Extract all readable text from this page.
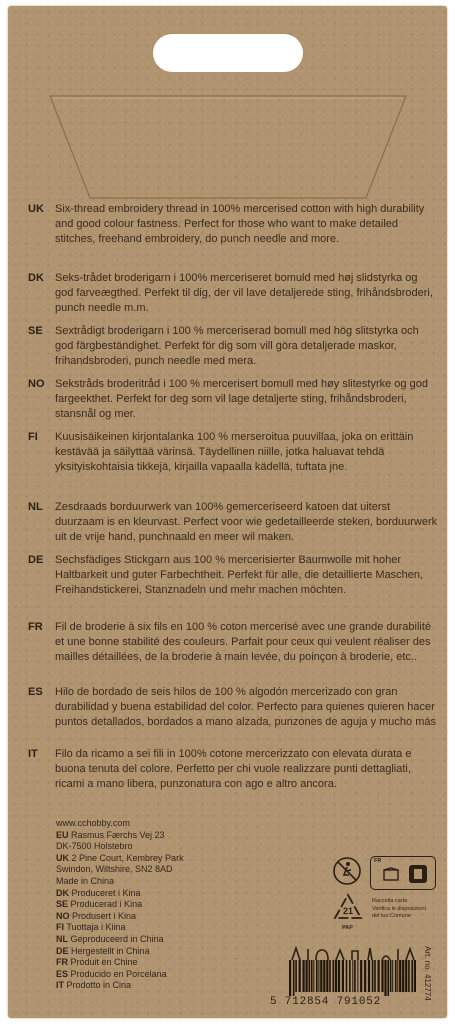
UK	Six-thread embroidery thread in 100% mercerised cotton with high durability and good colour fastness. Perfect for those who want to make detailed stitches, freehand embroidery, do punch needle and more.
DK	Seks-trådet broderigarn i 100% merceriseret bomuld med høj slidstyrka og god farveægthed. Perfekt til dig, der vil lave detaljerede sting, frihåndsbroderi, punch needle m.m.
SE	Sextrådigt broderigarn i 100 % merceriserad bomull med hög slitstyrka och god färgbeständighet. Perfekt för dig som vill göra detaljerade maskor, frihandsbroderi, punch needle med mera.
NO Sekstråds broderitråd i 100 % mercerisert bomull med høy slitestyrke og god fargeekthet. Perfekt for deg som vil lage detaljerte sting, frihåndsbroderi, stansnål og mer.
FI	Kuusisäikeinen kirjontalanka 100 % merseroitua puuvillaa, joka on erittäin kestävää ja säilyttää värinsä. Täydellinen niille, jotka haluavat tehdä yksityiskohtaisia tikkejä, kirjailla vapaalla kädellä, tuftata jne.
NL	Zesdraads borduurwerk van 100% gemerceriseerd katoen dat uiterst duurzaam is en kleurvast. Perfect voor wie gedetailleerde steken, borduurwerk uit de vrije hand, punchnaald en meer wil maken.
DE	Sechsfädiges Stickgarn aus 100 % mercerisierter Baumwolle mit hoher Haltbarkeit und guter Farbechtheit. Perfekt für alle, die detaillierte Maschen, Freihandstickerei, Stanznadeln und mehr machen möchten.
FR	Fil de broderie à six fils en 100 % coton mercerisé avec une grande durabilité et une bonne stabilité des couleurs. Parfait pour ceux qui veulent réaliser des mailles détaillées, de la broderie à main levée, du poinçon à broderie, etc..
ES	Hilo de bordado de seis hilos de 100 % algodón mercerizado con gran durabilidad y buena estabilidad del color. Perfecto para quienes quieren hacer puntos detallados, bordados a mano alzada, punzones de aguja y mucho más
IT	Filo da ricamo a sei fili in 100% cotone mercerizzato con elevata durata e buona tenuta del colore. Perfetto per chi vuole realizzare punti dettagliati, ricami a mano libera, punzonatura con ago e altro ancora.
www.cchobby.com
EU Rasmus Færchs Vej 23
DK-7500 Holstebro
UK 2 Pine Court, Kembrey Park
Swindon, Wiltshire, SN2 8AD
Made in China
DK Produceret i Kina
SE Producerad i Kina
NO Produsert i Kina
FI Tuottaja i Kiina
NL Geproduceerd in China
DE Hergestellt in China
FR Produit en Chine
ES Producido en Porcelana
IT Prodotto in Cina
FR
21
PAP
Raccolta carta
Verifica le disposizioni del tuo Comune
5 712854 791052
Art. no. 412774
